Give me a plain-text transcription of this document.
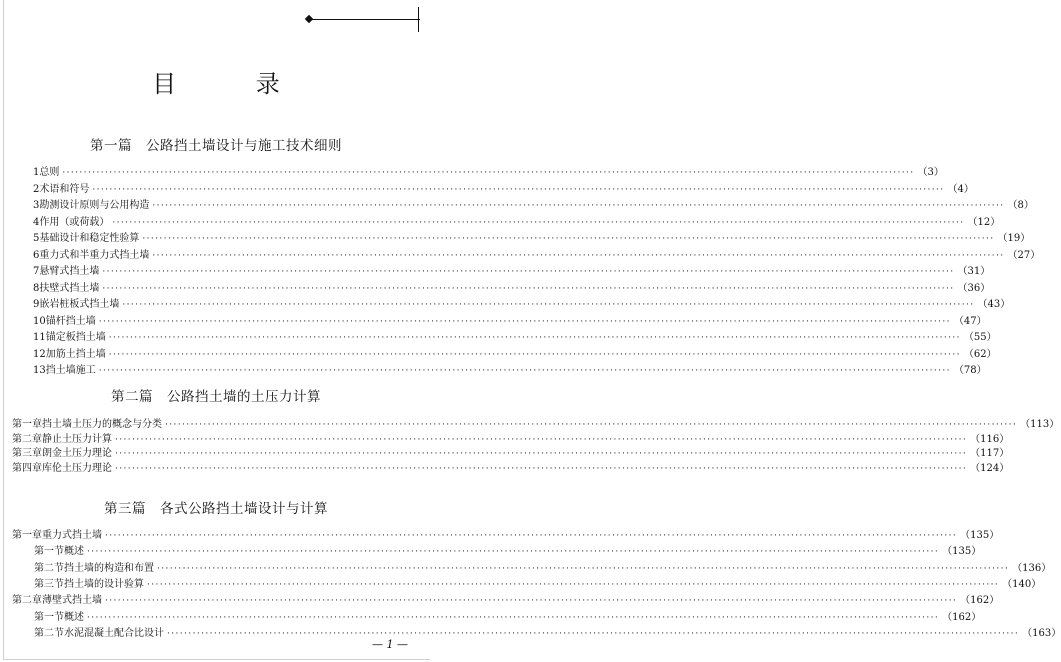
目 录
第一篇　公路挡土墙设计与施工技术细则
1 总则 ········································································································································································································ （3）
2 术语和符号 ········································································································································································································ （4）
3 勘测设计原则与公用构造 ········································································································································································································ （8）
4 作用（或荷载） ········································································································································································································ （12）
5 基础设计和稳定性验算 ········································································································································································································ （19）
6 重力式和半重力式挡土墙 ········································································································································································································ （27）
7 悬臂式挡土墙 ········································································································································································································ （31）
8 扶壁式挡土墙 ········································································································································································································ （36）
9 嵌岩桩板式挡土墙 ········································································································································································································ （43）
10 锚杆挡土墙 ········································································································································································································ （47）
11 锚定板挡土墙 ········································································································································································································ （55）
12 加筋土挡土墙 ········································································································································································································ （62）
13 挡土墙施工 ········································································································································································································ （78）
第二篇　公路挡土墙的土压力计算
第一章 挡土墙土压力的概念与分类 ········································································································································································································ （113）
第二章 静止土压力计算 ········································································································································································································ （116）
第三章 朗金土压力理论 ········································································································································································································ （117）
第四章 库伦土压力理论 ········································································································································································································ （124）
第三篇　各式公路挡土墙设计与计算
第一章 重力式挡土墙 ········································································································································································································ （135）
第一节 概述 ········································································································································································································ （135）
第二节 挡土墙的构造和布置 ········································································································································································································ （136）
第三节 挡土墙的设计验算 ········································································································································································································ （140）
第二章 薄壁式挡土墙 ········································································································································································································ （162）
第一节 概述 ········································································································································································································ （162）
第二节 水泥混凝土配合比设计 ········································································································································································································ （163）
— 1 —
